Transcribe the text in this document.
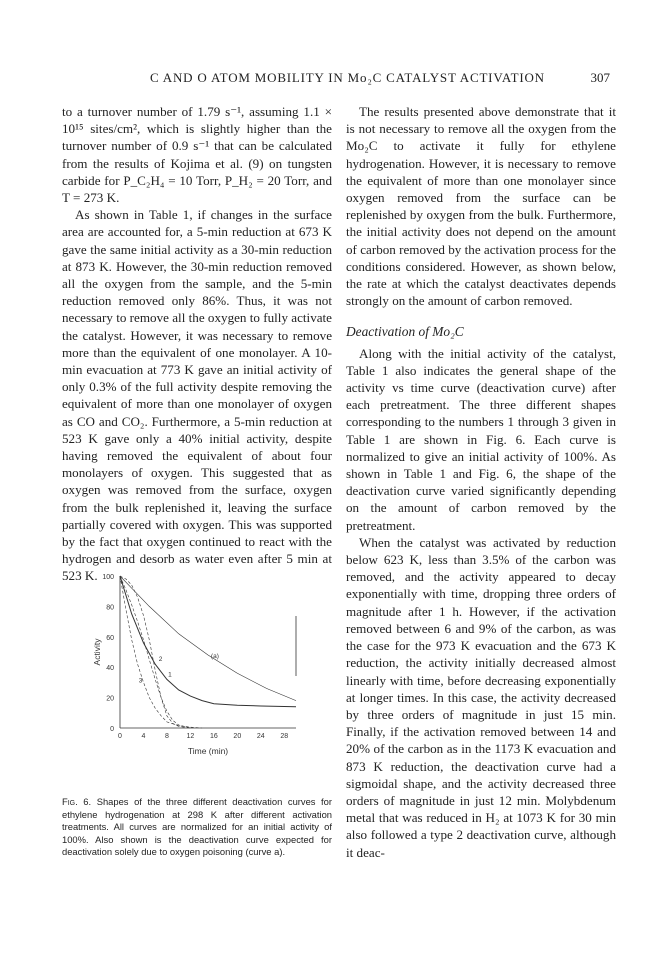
C AND O ATOM MOBILITY IN Mo₂C CATALYST ACTIVATION	307

to a turnover number of 1.79 s⁻¹, assuming 1.1 × 10¹⁵ sites/cm², which is slightly higher than the turnover number of 0.9 s⁻¹ that can be calculated from the results of Kojima et al. (9) on tungsten carbide for P_C₂H₄ = 10 Torr, P_H₂ = 20 Torr, and T = 273 K.

As shown in Table 1, if changes in the surface area are accounted for, a 5-min reduction at 673 K gave the same initial activity as a 30-min reduction at 873 K. However, the 30-min reduction removed all the oxygen from the sample, and the 5-min reduction removed only 86%. Thus, it was not necessary to remove all the oxygen to fully activate the catalyst. However, it was necessary to remove more than the equivalent of one monolayer. A 10-min evacuation at 773 K gave an initial activity of only 0.3% of the full activity despite removing the equivalent of more than one monolayer of oxygen as CO and CO₂. Furthermore, a 5-min reduction at 523 K gave only a 40% initial activity, despite having removed the equivalent of about four monolayers of oxygen. This suggested that as oxygen was removed from the surface, oxygen from the bulk replenished it, leaving the surface partially covered with oxygen. This was supported by the fact that oxygen continued to react with the hydrogen and desorb as water even after 5 min at 523 K.

0
20
40
60
80
100
0	4	8	12 16 20 24 28
Time (min)
Activity
1
2
3
(a)
Fig. 6. Shapes of the three different deactivation curves for ethylene hydrogenation at 298 K after different activation treatments. All curves are normalized for an initial activity of 100%. Also shown is the deactivation curve expected for deactivation solely due to oxygen poisoning (curve a).

The results presented above demonstrate that it is not necessary to remove all the oxygen from the Mo₂C to activate it fully for ethylene hydrogenation. However, it is necessary to remove the equivalent of more than one monolayer since oxygen removed from the surface can be replenished by oxygen from the bulk. Furthermore, the initial activity does not depend on the amount of carbon removed by the activation process for the conditions considered. However, as shown below, the rate at which the catalyst deactivates depends strongly on the amount of carbon removed.

Deactivation of Mo₂C

Along with the initial activity of the catalyst, Table 1 also indicates the general shape of the activity vs time curve (deactivation curve) after each pretreatment. The three different shapes corresponding to the numbers 1 through 3 given in Table 1 are shown in Fig. 6. Each curve is normalized to give an initial activity of 100%. As shown in Table 1 and Fig. 6, the shape of the deactivation curve varied significantly depending on the amount of carbon removed by the pretreatment.

When the catalyst was activated by reduction below 623 K, less than 3.5% of the carbon was removed, and the activity appeared to decay exponentially with time, dropping three orders of magnitude after 1 h. However, if the activation removed between 6 and 9% of the carbon, as was the case for the 973 K evacuation and the 673 K reduction, the activity initially decreased almost linearly with time, before decreasing exponentially at longer times. In this case, the activity decreased by three orders of magnitude in just 15 min. Finally, if the activation removed between 14 and 20% of the carbon as in the 1173 K evacuation and 873 K reduction, the deactivation curve had a sigmoidal shape, and the activity decreased three orders of magnitude in just 12 min. Molybdenum metal that was reduced in H₂ at 1073 K for 30 min also followed a type 2 deactivation curve, although it deac-
